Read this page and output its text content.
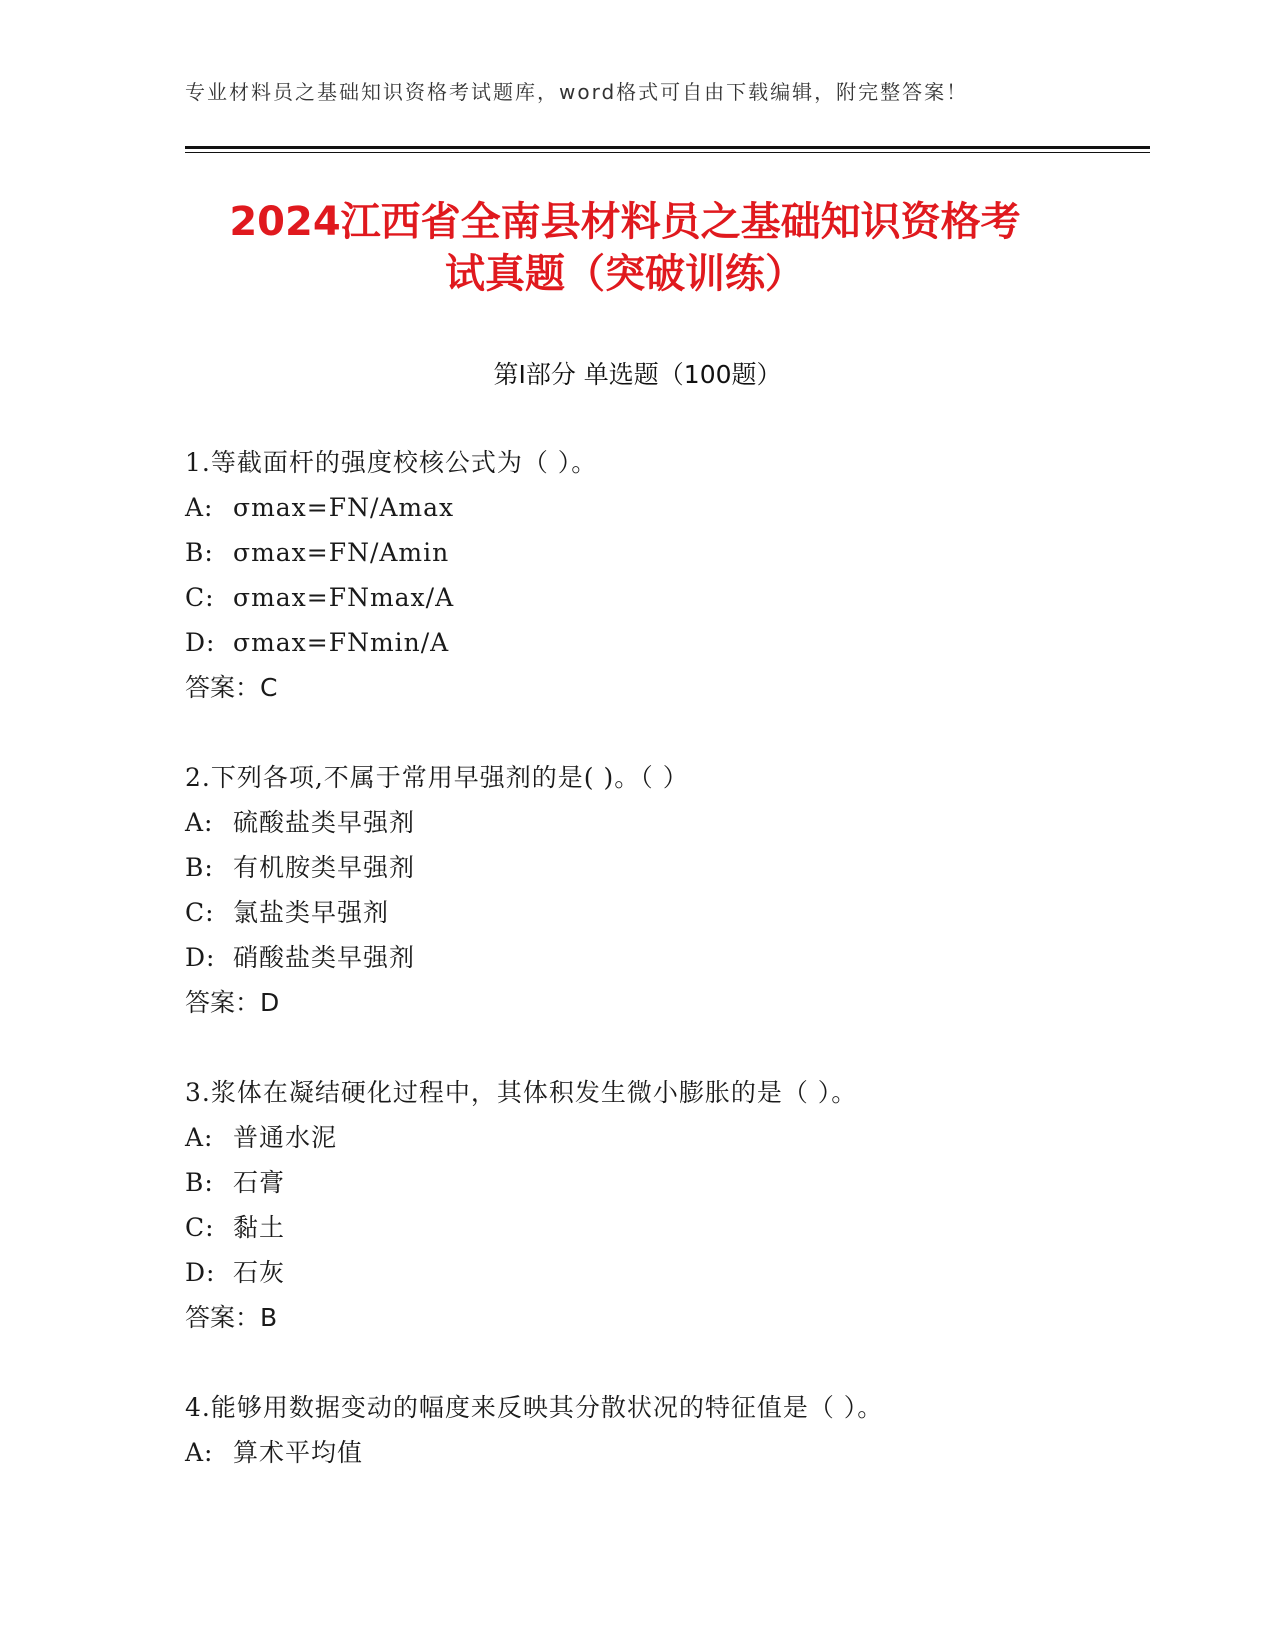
专业材料员之基础知识资格考试题库，word格式可自由下载编辑，附完整答案！
2024江西省全南县材料员之基础知识资格考
试真题（突破训练）
第Ⅰ部分 单选题（100题）
1.等截面杆的强度校核公式为（ ）。
A: σmax=FN/Amax
B: σmax=FN/Amin
C: σmax=FNmax/A
D: σmax=FNmin/A
答案：C
2.下列各项,不属于常用早强剂的是( )。（ ）
A: 硫酸盐类早强剂
B: 有机胺类早强剂
C: 氯盐类早强剂
D: 硝酸盐类早强剂
答案：D
3.浆体在凝结硬化过程中，其体积发生微小膨胀的是（ ）。
A: 普通水泥
B: 石膏
C: 黏土
D: 石灰
答案：B
4.能够用数据变动的幅度来反映其分散状况的特征值是（ ）。
A: 算术平均值
